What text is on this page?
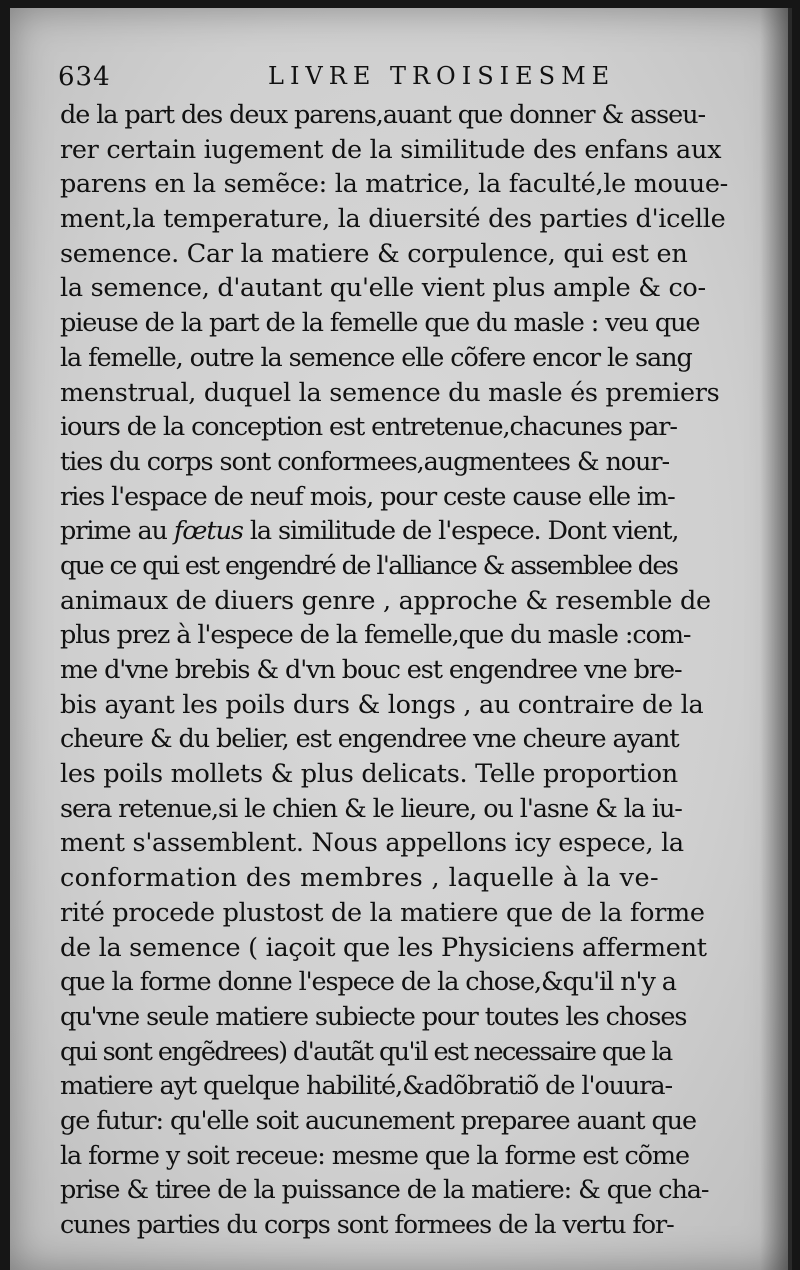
634	LIVRE TROISIESME
de la part des deux parens,auant que donner & asseu-
rer certain iugement de la similitude des enfans aux
parens en la semẽce: la matrice, la faculté,le mouue-
ment,la temperature, la diuersité des parties d'icelle
semence. Car la matiere & corpulence, qui est en
la semence, d'autant qu'elle vient plus ample & co-
pieuse de la part de la femelle que du masle : veu que
la femelle, outre la semence elle cõfere encor le sang
menstrual, duquel la semence du masle és premiers
iours de la conception est entretenue,chacunes par-
ties du corps sont conformees,augmentees & nour-
ries l'espace de neuf mois, pour ceste cause elle im-
prime au fœtus la similitude de l'espece. Dont vient,
que ce qui est engendré de l'alliance & assemblee des
animaux de diuers genre , approche & resemble de
plus prez à l'espece de la femelle,que du masle :com-
me d'vne brebis & d'vn bouc est engendree vne bre-
bis ayant les poils durs & longs , au contraire de la
cheure & du belier, est engendree vne cheure ayant
les poils mollets & plus delicats. Telle proportion
sera retenue,si le chien & le lieure, ou l'asne & la iu-
ment s'assemblent. Nous appellons icy espece, la
conformation des membres , laquelle à la ve-
rité procede plustost de la matiere que de la forme
de la semence ( iaçoit que les Physiciens afferment
que la forme donne l'espece de la chose,&qu'il n'y a
qu'vne seule matiere subiecte pour toutes les choses
qui sont engẽdrees) d'autãt qu'il est necessaire que la
matiere ayt quelque habilité,&adõbratiõ de l'ouura-
ge futur: qu'elle soit aucunement preparee auant que
la forme y soit receue: mesme que la forme est cõme
prise & tiree de la puissance de la matiere: & que cha-
cunes parties du corps sont formees de la vertu for-
